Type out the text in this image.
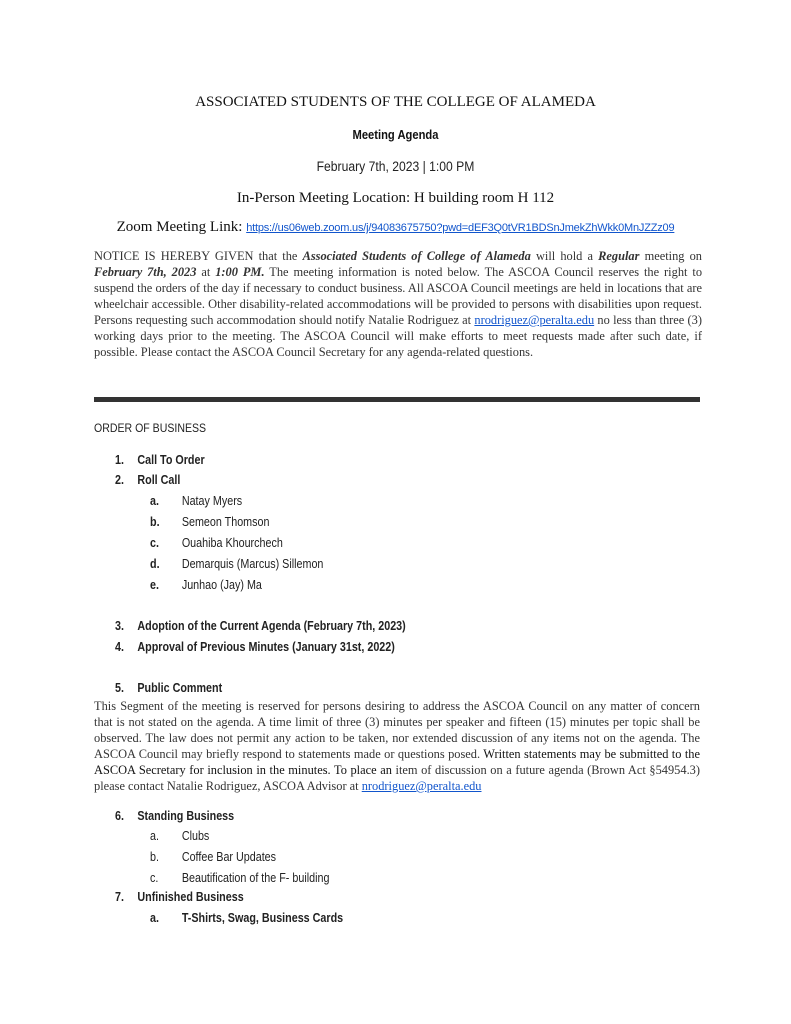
ASSOCIATED STUDENTS OF THE COLLEGE OF ALAMEDA
Meeting Agenda
February 7th, 2023 | 1:00 PM
In-Person Meeting Location: H building room H 112
Zoom Meeting Link: https://us06web.zoom.us/j/94083675750?pwd=dEF3Q0tVR1BDSnJmekZhWkk0MnJZZz09
NOTICE IS HEREBY GIVEN that the Associated Students of College of Alameda will hold a Regular meeting on February 7th, 2023 at 1:00 PM. The meeting information is noted below. The ASCOA Council reserves the right to suspend the orders of the day if necessary to conduct business. All ASCOA Council meetings are held in locations that are wheelchair accessible. Other disability-related accommodations will be provided to persons with disabilities upon request. Persons requesting such accommodation should notify Natalie Rodriguez at nrodriguez@peralta.edu no less than three (3) working days prior to the meeting. The ASCOA Council will make efforts to meet requests made after such date, if possible. Please contact the ASCOA Council Secretary for any agenda-related questions.
ORDER OF BUSINESS
1. Call To Order
2. Roll Call
a. Natay Myers
b. Semeon Thomson
c. Ouahiba Khourchech
d. Demarquis (Marcus) Sillemon
e. Junhao (Jay) Ma
3. Adoption of the Current Agenda (February 7th, 2023)
4. Approval of Previous Minutes (January 31st, 2022)
5. Public Comment
This Segment of the meeting is reserved for persons desiring to address the ASCOA Council on any matter of concern that is not stated on the agenda. A time limit of three (3) minutes per speaker and fifteen (15) minutes per topic shall be observed. The law does not permit any action to be taken, nor extended discussion of any items not on the agenda. The ASCOA Council may briefly respond to statements made or questions posed. Written statements may be submitted to the ASCOA Secretary for inclusion in the minutes. To place an item of discussion on a future agenda (Brown Act §54954.3) please contact Natalie Rodriguez, ASCOA Advisor at nrodriguez@peralta.edu
6. Standing Business
a. Clubs
b. Coffee Bar Updates
c. Beautification of the F- building
7. Unfinished Business
a. T-Shirts, Swag, Business Cards
